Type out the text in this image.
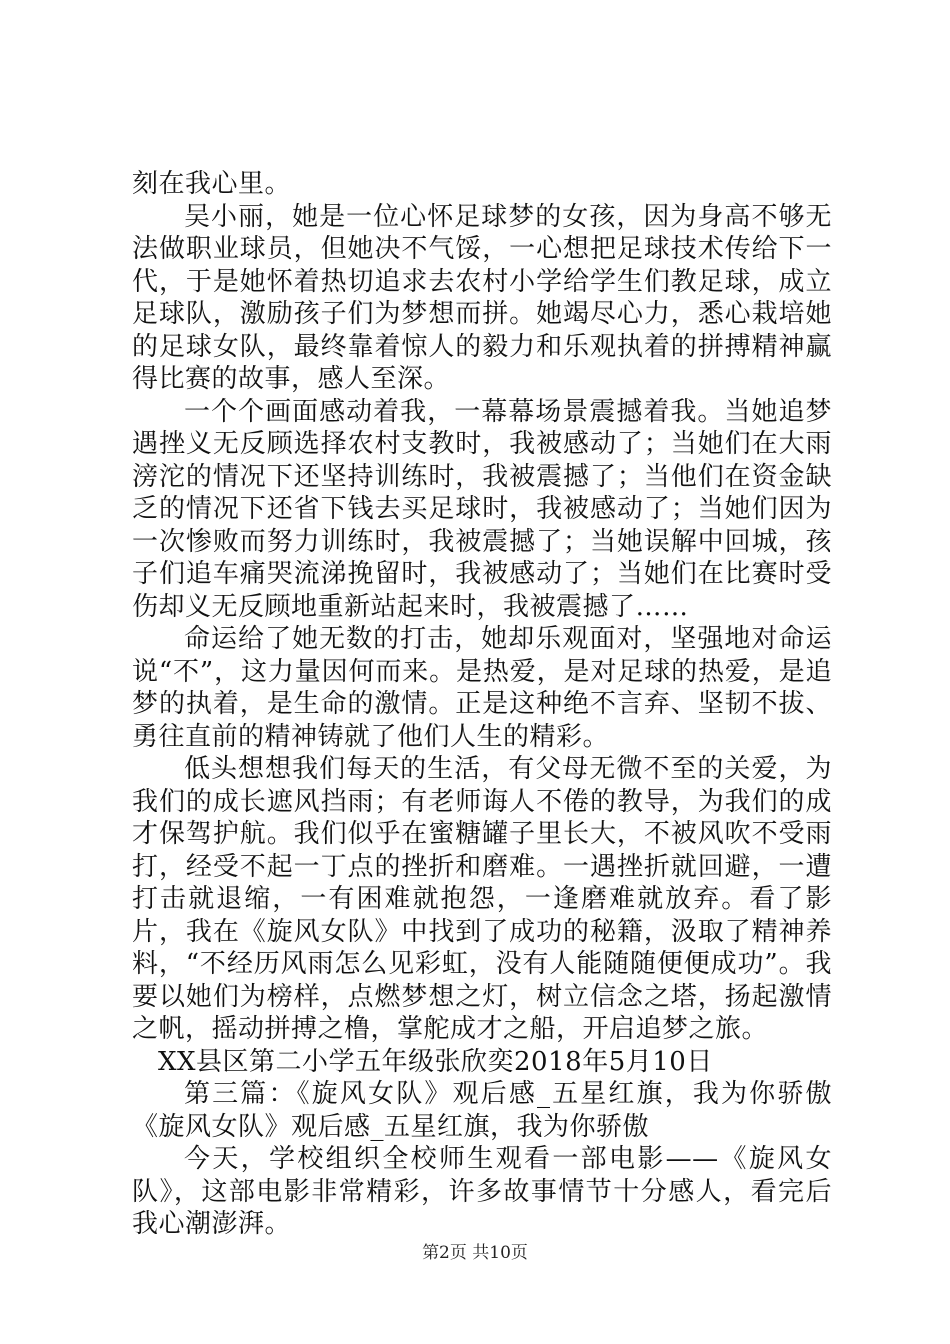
刻在我心里。

吴小丽，她是一位心怀足球梦的女孩，因为身高不够无法做职业球员，但她决不气馁，一心想把足球技术传给下一代，于是她怀着热切追求去农村小学给学生们教足球，成立足球队，激励孩子们为梦想而拼。她竭尽心力，悉心栽培她的足球女队，最终靠着惊人的毅力和乐观执着的拼搏精神赢得比赛的故事，感人至深。

一个个画面感动着我，一幕幕场景震撼着我。当她追梦遇挫义无反顾选择农村支教时，我被感动了；当她们在大雨滂沱的情况下还坚持训练时，我被震撼了；当他们在资金缺乏的情况下还省下钱去买足球时，我被感动了；当她们因为一次惨败而努力训练时，我被震撼了；当她误解中回城，孩子们追车痛哭流涕挽留时，我被感动了；当她们在比赛时受伤却义无反顾地重新站起来时，我被震撼了……

命运给了她无数的打击，她却乐观面对，坚强地对命运说“不”，这力量因何而来。是热爱，是对足球的热爱，是追梦的执着，是生命的激情。正是这种绝不言弃、坚韧不拔、勇往直前的精神铸就了他们人生的精彩。

低头想想我们每天的生活，有父母无微不至的关爱，为我们的成长遮风挡雨；有老师诲人不倦的教导，为我们的成才保驾护航。我们似乎在蜜糖罐子里长大，不被风吹不受雨打，经受不起一丁点的挫折和磨难。一遇挫折就回避，一遭打击就退缩，一有困难就抱怨，一逢磨难就放弃。看了影片，我在《旋风女队》中找到了成功的秘籍，汲取了精神养料，“不经历风雨怎么见彩虹，没有人能随随便便成功”。我要以她们为榜样，点燃梦想之灯，树立信念之塔，扬起激情之帆，摇动拼搏之橹，掌舵成才之船，开启追梦之旅。

XX县区第二小学五年级张欣奕2018年5月10日

第三篇：《旋风女队》观后感_五星红旗，我为你骄傲《旋风女队》观后感_五星红旗，我为你骄傲

今天，学校组织全校师生观看一部电影——《旋风女队》，这部电影非常精彩，许多故事情节十分感人，看完后我心潮澎湃。

第2页 共10页
